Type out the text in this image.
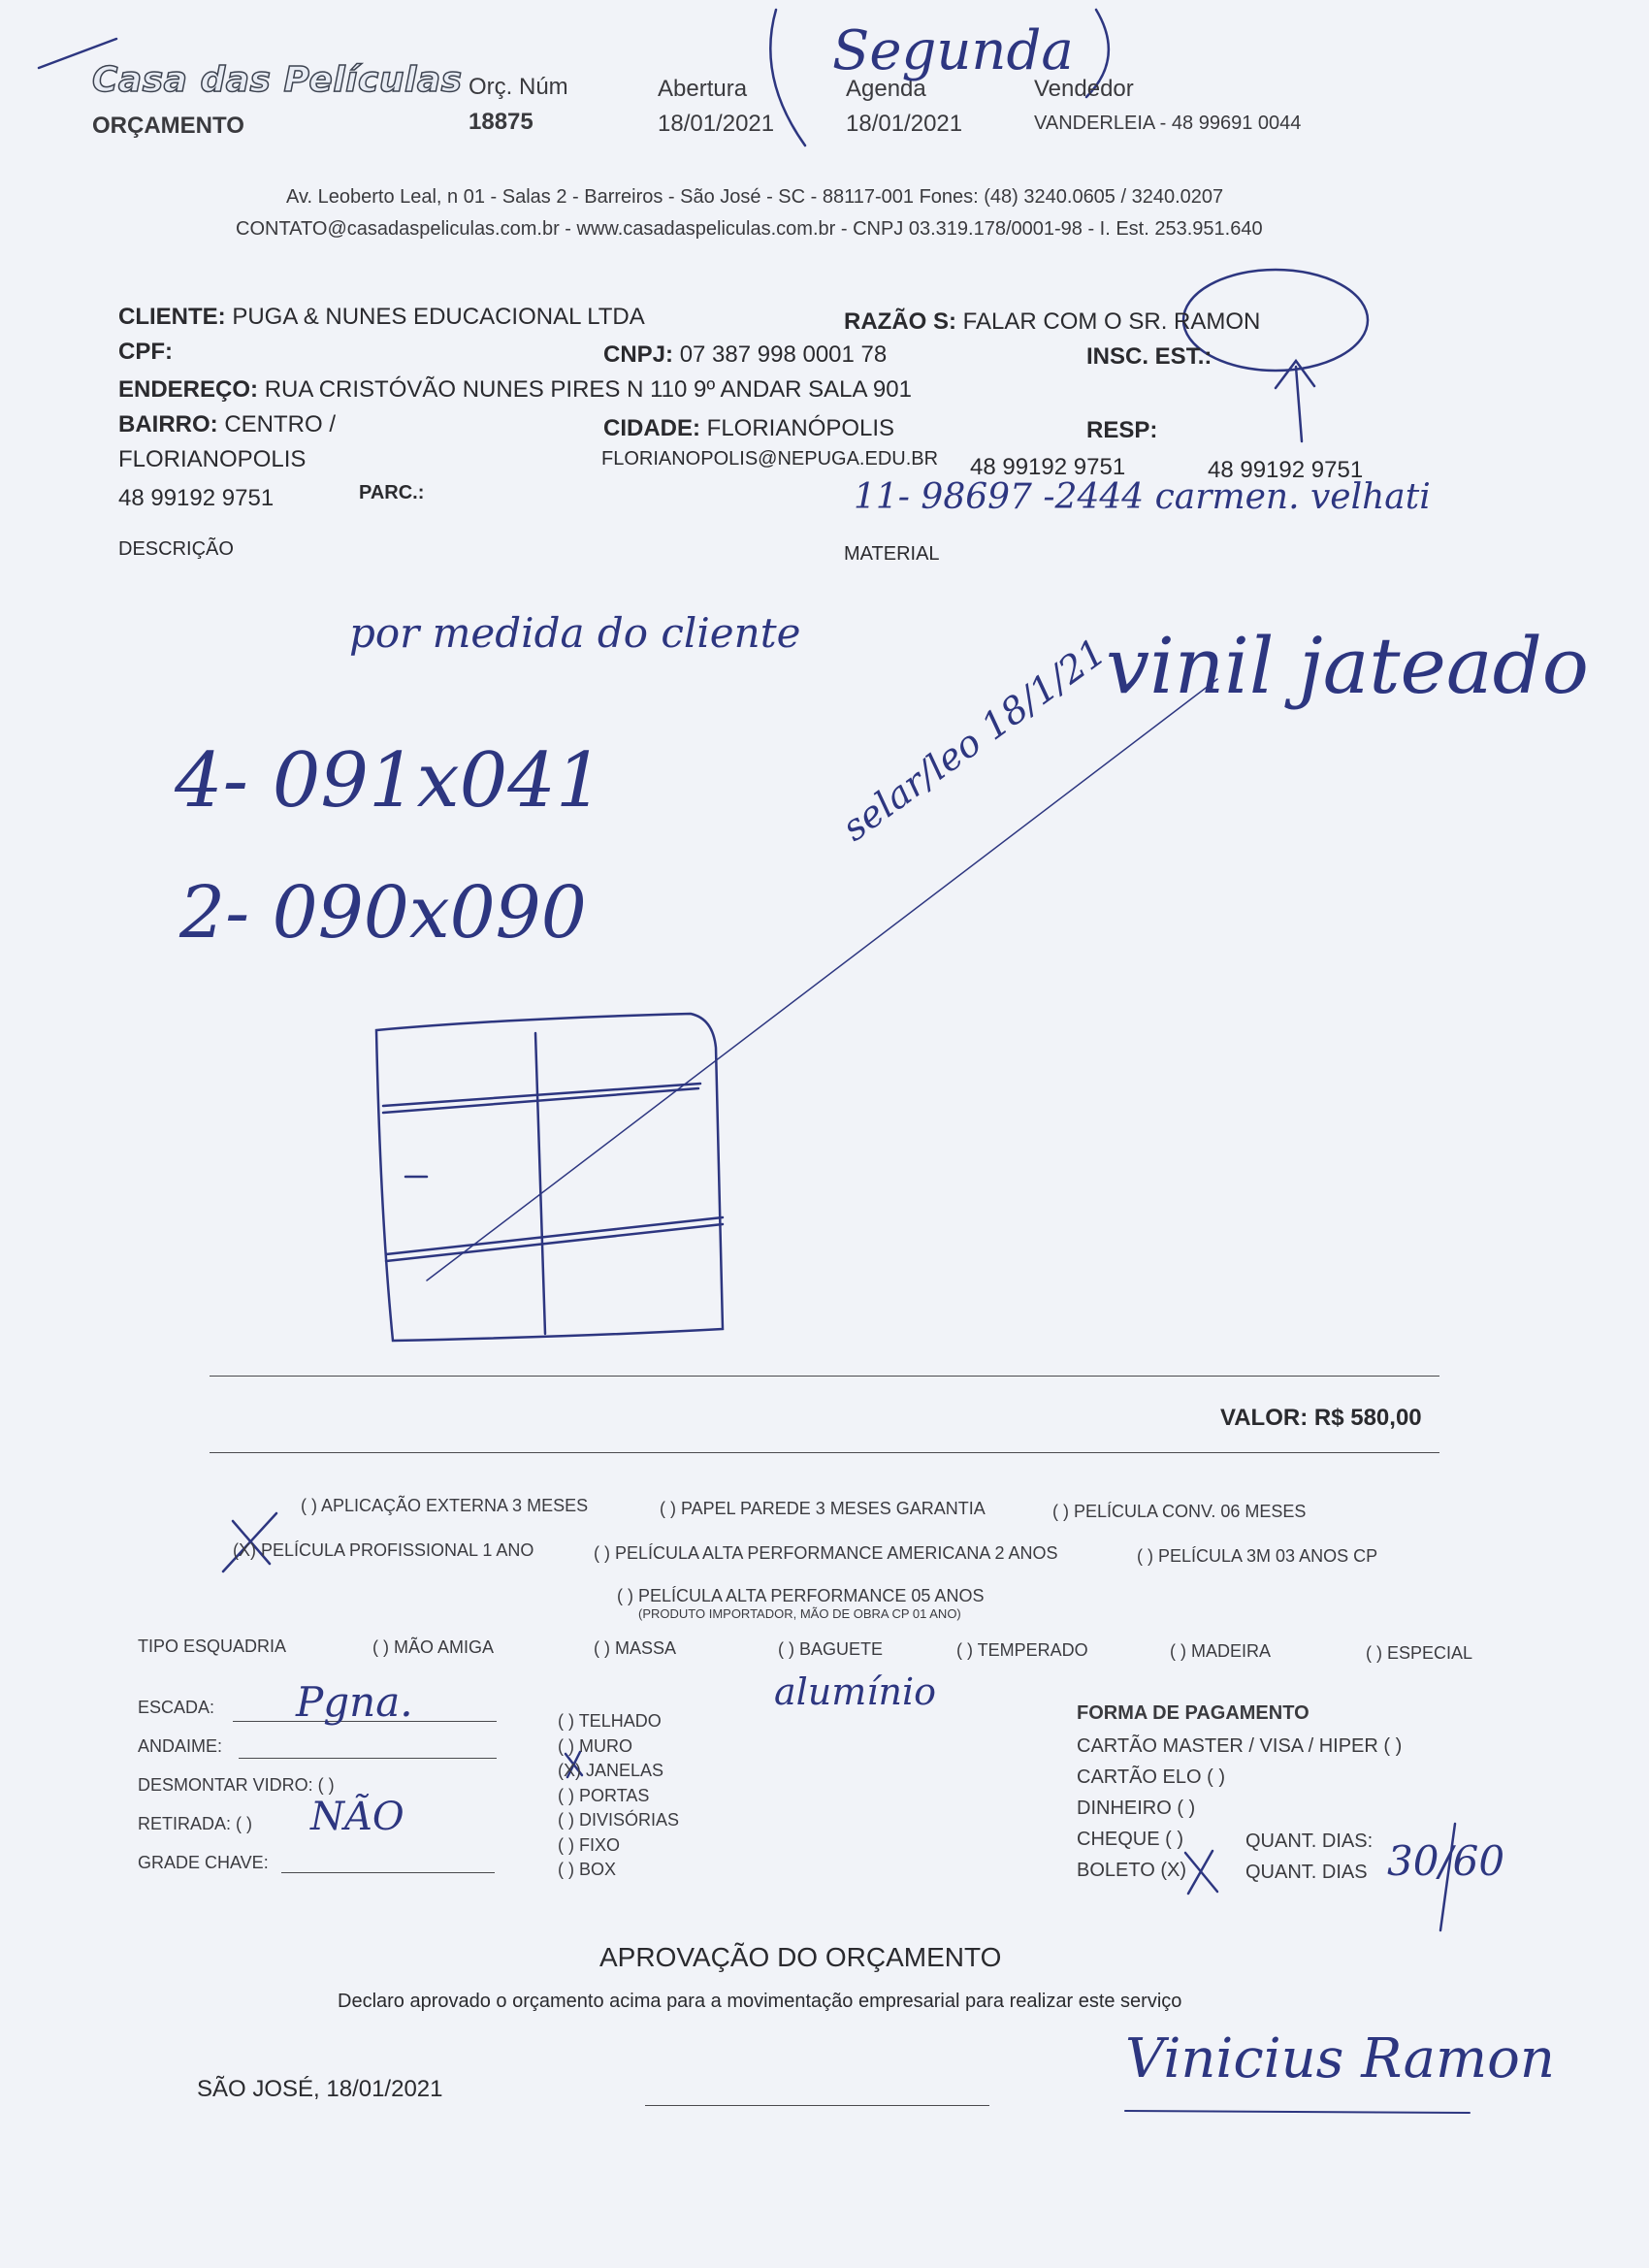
Casa das Películas
ORÇAMENTO
Orç. Núm
18875
Abertura
18/01/2021
Agenda
18/01/2021
Vendedor
VANDERLEIA - 48 99691 0044
Segunda
Av. Leoberto Leal, n 01 - Salas 2 - Barreiros - São José - SC - 88117-001 Fones: (48) 3240.0605 / 3240.0207
CONTATO@casadaspeliculas.com.br - www.casadaspeliculas.com.br - CNPJ 03.319.178/0001-98 - I. Est. 253.951.640
CLIENTE: PUGA & NUNES EDUCACIONAL LTDA	RAZÃO S: FALAR COM O SR. RAMON
CPF:	CNPJ: 07 387 998 0001 78	INSC. EST.:
ENDEREÇO: RUA CRISTÓVÃO NUNES PIRES N 110 9º ANDAR SALA 901
BAIRRO: CENTRO /	CIDADE: FLORIANÓPOLIS	RESP:
FLORIANOPOLIS	FLORIANOPOLIS@NEPUGA.EDU.BR 48 99192 9751	48 99192 9751
48 99192 9751	PARC.:	11- 98697 -2444 carmen. velhati
DESCRIÇÃO	MATERIAL
por medida do cliente
4- 091x041
2- 090x090
vinil jateado
selar/leo 18/1/21
VALOR: R$ 580,00
( ) APLICAÇÃO EXTERNA 3 MESES	( ) PAPEL PAREDE 3 MESES GARANTIA	( ) PELÍCULA CONV. 06 MESES
(X) PELÍCULA PROFISSIONAL 1 ANO	( ) PELÍCULA ALTA PERFORMANCE AMERICANA 2 ANOS	( ) PELÍCULA 3M 03 ANOS CP
( ) PELÍCULA ALTA PERFORMANCE 05 ANOS
(PRODUTO IMPORTADOR, MÃO DE OBRA CP 01 ANO)
TIPO ESQUADRIA	( ) MÃO AMIGA	( ) MASSA	( ) BAGUETE	( ) TEMPERADO	( ) MADEIRA	( ) ESPECIAL
alumínio
ESCADA: Pgna.
ANDAIME:
DESMONTAR VIDRO: ( )
RETIRADA: ( ) NÃO
GRADE CHAVE:
( ) TELHADO
( ) MURO
(X) JANELAS
( ) PORTAS
( ) DIVISÓRIAS
( ) FIXO
( ) BOX
FORMA DE PAGAMENTO
CARTÃO MASTER / VISA / HIPER ( )
CARTÃO ELO ( )
DINHEIRO ( )
CHEQUE ( )	QUANT. DIAS:
BOLETO (X)	QUANT. DIAS 30/60
APROVAÇÃO DO ORÇAMENTO
Declaro aprovado o orçamento acima para a movimentação empresarial para realizar este serviço
SÃO JOSÉ, 18/01/2021	Vinicius Ramon
